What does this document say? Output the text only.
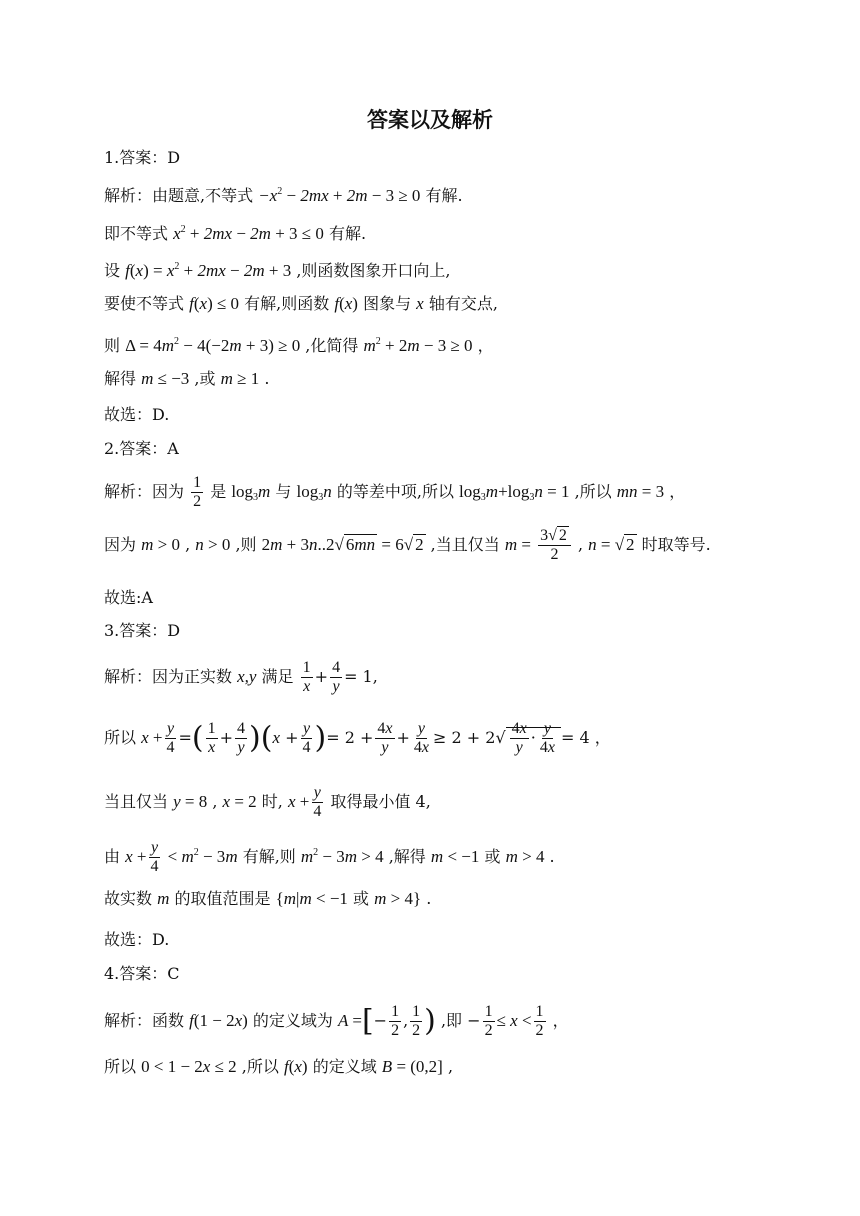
答案以及解析
1.答案：D
解析：由题意,不等式 $-x^2 - 2mx + 2m - 3 \ge 0$ 有解.
即不等式 $x^2 + 2mx - 2m + 3 \le 0$ 有解.
设 $f(x) = x^2 + 2mx - 2m + 3$ ,则函数图象开口向上,
要使不等式 f(x) ≤ 0 有解,则函数 f(x) 图象与 x 轴有交点,
则 $\Delta = 4m^2 - 4(-2m + 3) \ge 0$ ,化简得 $m^2 + 2m - 3 \ge 0$ ，
解得 m ≤ −3 ,或 m ≥ 1 .
故选：D.
2.答案：A
解析：因为 $\frac{1}{2}$ 是 $\log_3m$ 与 $\log_3n$ 的等差中项,所以 $\log_3m+\log_3n = 1$ ,所以 mn = 3 ，
因为 m > 0 , n > 0 ,则 2m + 3n..2√ 6mn = 6√ 2 ,当且仅当 $m = \frac{3√ 2}{2}$ , n = √ 2 时取等号.
故选:A
3.答案：D
解析：因为正实数 x,y 满足 $\frac{1}{x} + \frac{4}{y} = 1$,
所以 $x + \frac{y}{4}$ =( $\frac{1}{x} + \frac{4}{y} )(x + \frac{y}{4}$ )= $2 + \frac{4x}{y} + \frac{y}{4x} \ge 2 + 2√ \frac{4x}{y} \cdot \frac{y}{4x} = 4$ ，
当且仅当 y = 8 , x = 2 时, $x + \frac{y}{4}$ 取得最小值 4,
由 $x + \frac{y}{4} < m^2 - 3m$ 有解,则 $m^2 - 3m > 4$ ,解得 m < −1 或 m > 4 .
故实数 m 的取值范围是 {m|m < −1 或 m > 4} .
故选：D.
4.答案：C
解析：函数 f(1 − 2x) 的定义域为 A =[− $\frac{1}{2}$ , $\frac{1}{2}$ ) ,即 − $\frac{1}{2} \le x < \frac{1}{2}$ ，
所以 0 < 1 − 2x ≤ 2 ,所以 f(x) 的定义域 B = (0,2] ,
